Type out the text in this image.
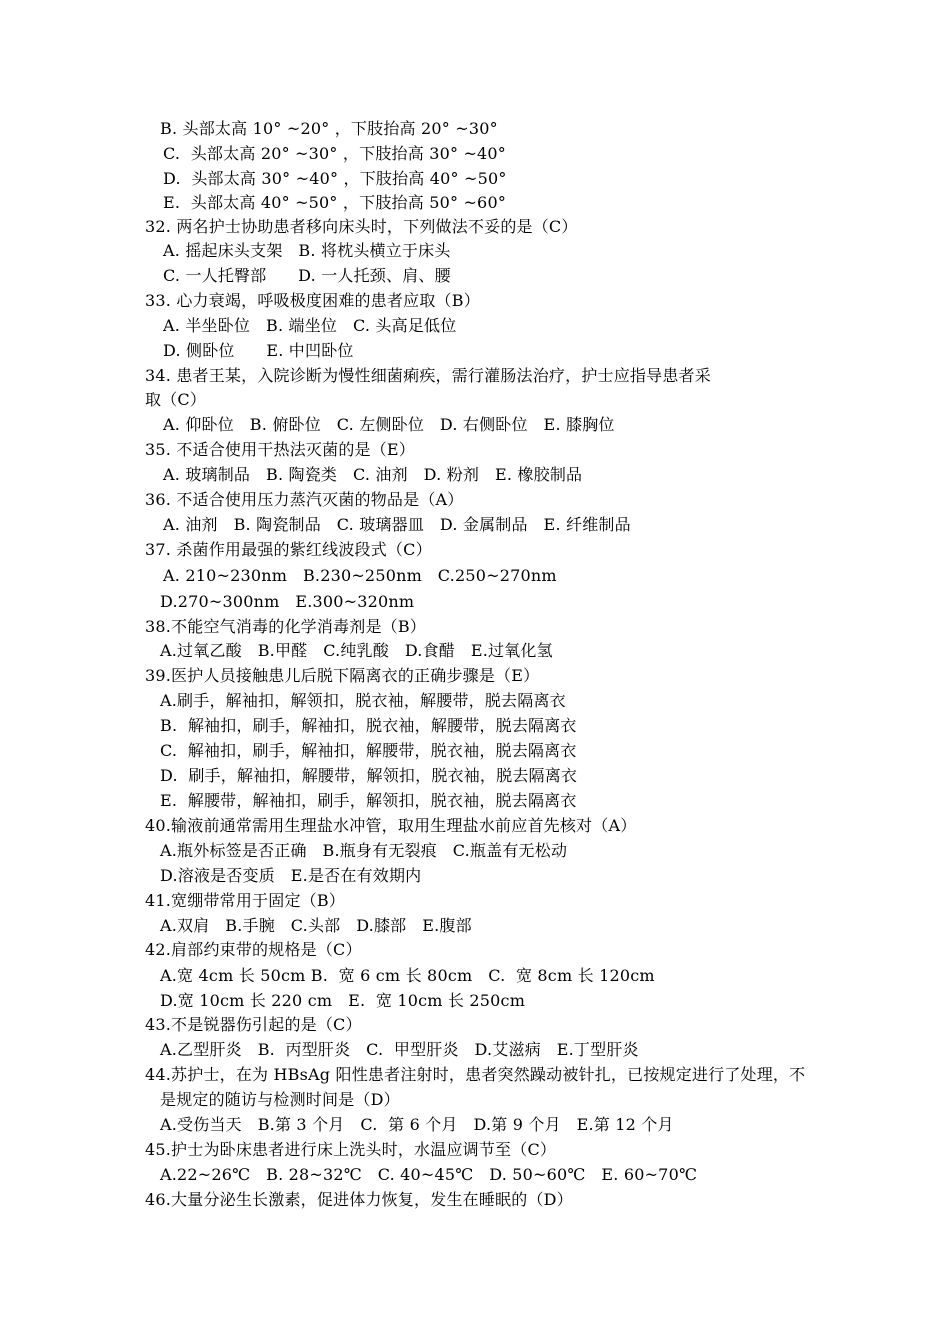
B. 头部太高 10° ~20° ，下肢抬高 20° ~30°
C.  头部太高 20° ~30° ，下肢抬高 30° ~40°
D.  头部太高 30° ~40° ，下肢抬高 40° ~50°
E.  头部太高 40° ~50° ，下肢抬高 50° ~60°
32. 两名护士协助患者移向床头时，下列做法不妥的是（C）
A. 摇起床头支架   B. 将枕头横立于床头
C. 一人托臀部      D. 一人托颈、肩、腰
33. 心力衰竭，呼吸极度困难的患者应取（B）
A. 半坐卧位   B. 端坐位   C. 头高足低位
D. 侧卧位      E. 中凹卧位
34. 患者王某，入院诊断为慢性细菌痢疾，需行灌肠法治疗，护士应指导患者采
取（C）
A. 仰卧位   B. 俯卧位   C. 左侧卧位   D. 右侧卧位   E. 膝胸位
35. 不适合使用干热法灭菌的是（E）
A. 玻璃制品   B. 陶瓷类   C. 油剂   D. 粉剂   E. 橡胶制品
36. 不适合使用压力蒸汽灭菌的物品是（A）
A. 油剂   B. 陶瓷制品   C. 玻璃器皿   D. 金属制品   E. 纤维制品
37. 杀菌作用最强的紫红线波段式（C）
A. 210~230nm   B.230~250nm   C.250~270nm
D.270~300nm   E.300~320nm
38.不能空气消毒的化学消毒剂是（B）
A.过氧乙酸   B.甲醛   C.纯乳酸   D.食醋   E.过氧化氢
39.医护人员接触患儿后脱下隔离衣的正确步骤是（E）
A.刷手，解袖扣，解领扣，脱衣袖，解腰带，脱去隔离衣
B.  解袖扣，刷手，解袖扣，脱衣袖，解腰带，脱去隔离衣
C.  解袖扣，刷手，解袖扣，解腰带，脱衣袖，脱去隔离衣
D.  刷手，解袖扣，解腰带，解领扣，脱衣袖，脱去隔离衣
E.  解腰带，解袖扣，刷手，解领扣，脱衣袖，脱去隔离衣
40.输液前通常需用生理盐水冲管，取用生理盐水前应首先核对（A）
A.瓶外标签是否正确   B.瓶身有无裂痕   C.瓶盖有无松动
D.溶液是否变质   E.是否在有效期内
41.宽绷带常用于固定（B）
A.双肩   B.手腕   C.头部   D.膝部   E.腹部
42.肩部约束带的规格是（C）
A.宽 4cm 长 50cm B.  宽 6 cm 长 80cm   C.  宽 8cm 长 120cm
D.宽 10cm 长 220 cm   E.  宽 10cm 长 250cm
43.不是锐器伤引起的是（C）
A.乙型肝炎   B.  丙型肝炎   C.  甲型肝炎   D.艾滋病   E.丁型肝炎
44.苏护士，在为 HBsAg 阳性患者注射时，患者突然躁动被针扎，已按规定进行了处理，不
是规定的随访与检测时间是（D）
A.受伤当天   B.第 3 个月   C.  第 6 个月   D.第 9 个月   E.第 12 个月
45.护士为卧床患者进行床上洗头时，水温应调节至（C）
A.22~26℃   B. 28~32℃   C. 40~45℃   D. 50~60℃   E. 60~70℃
46.大量分泌生长激素，促进体力恢复，发生在睡眠的（D）
